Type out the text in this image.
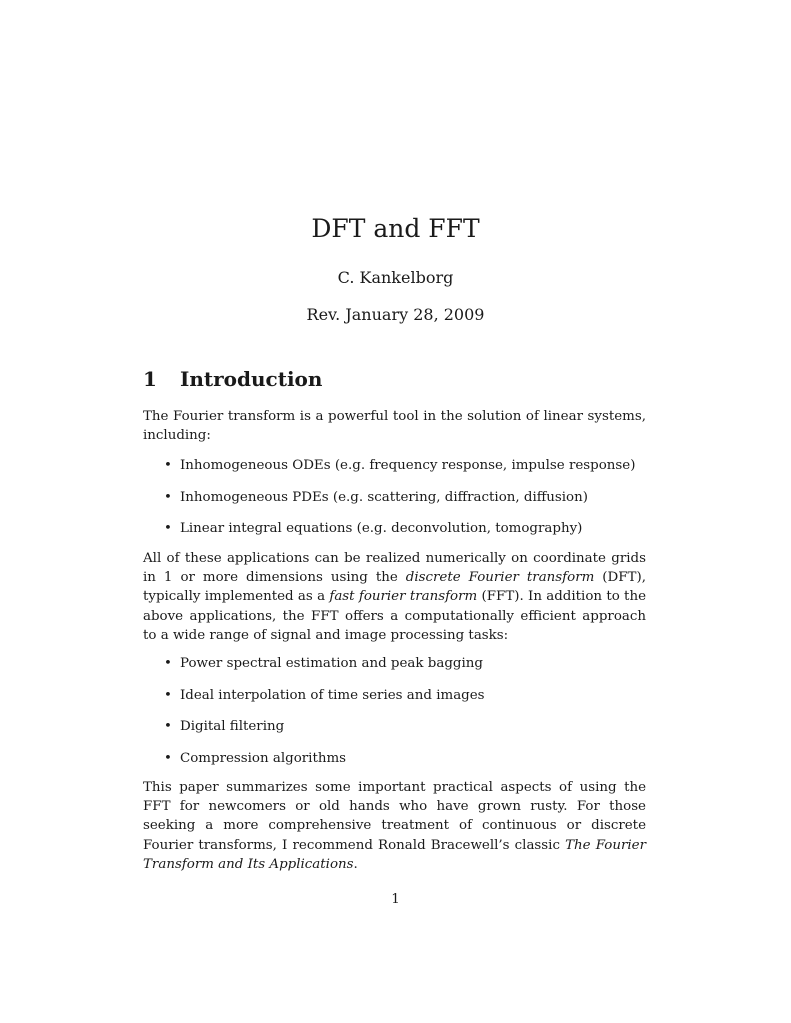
DFT and FFT

C. Kankelborg

Rev. January 28, 2009

1	Introduction

The Fourier transform is a powerful tool in the solution of linear systems, including:

• Inhomogeneous ODEs (e.g. frequency response, impulse response)
• Inhomogeneous PDEs (e.g. scattering, diffraction, diffusion)
• Linear integral equations (e.g. deconvolution, tomography)

All of these applications can be realized numerically on coordinate grids in 1 or more dimensions using the discrete Fourier transform (DFT), typically implemented as a fast fourier transform (FFT). In addition to the above applications, the FFT offers a computationally efficient approach to a wide range of signal and image processing tasks:

• Power spectral estimation and peak bagging
• Ideal interpolation of time series and images
• Digital filtering
• Compression algorithms

This paper summarizes some important practical aspects of using the FFT for newcomers or old hands who have grown rusty. For those seeking a more comprehensive treatment of continuous or discrete Fourier transforms, I recommend Ronald Bracewell’s classic The Fourier Transform and Its Applications.

1
